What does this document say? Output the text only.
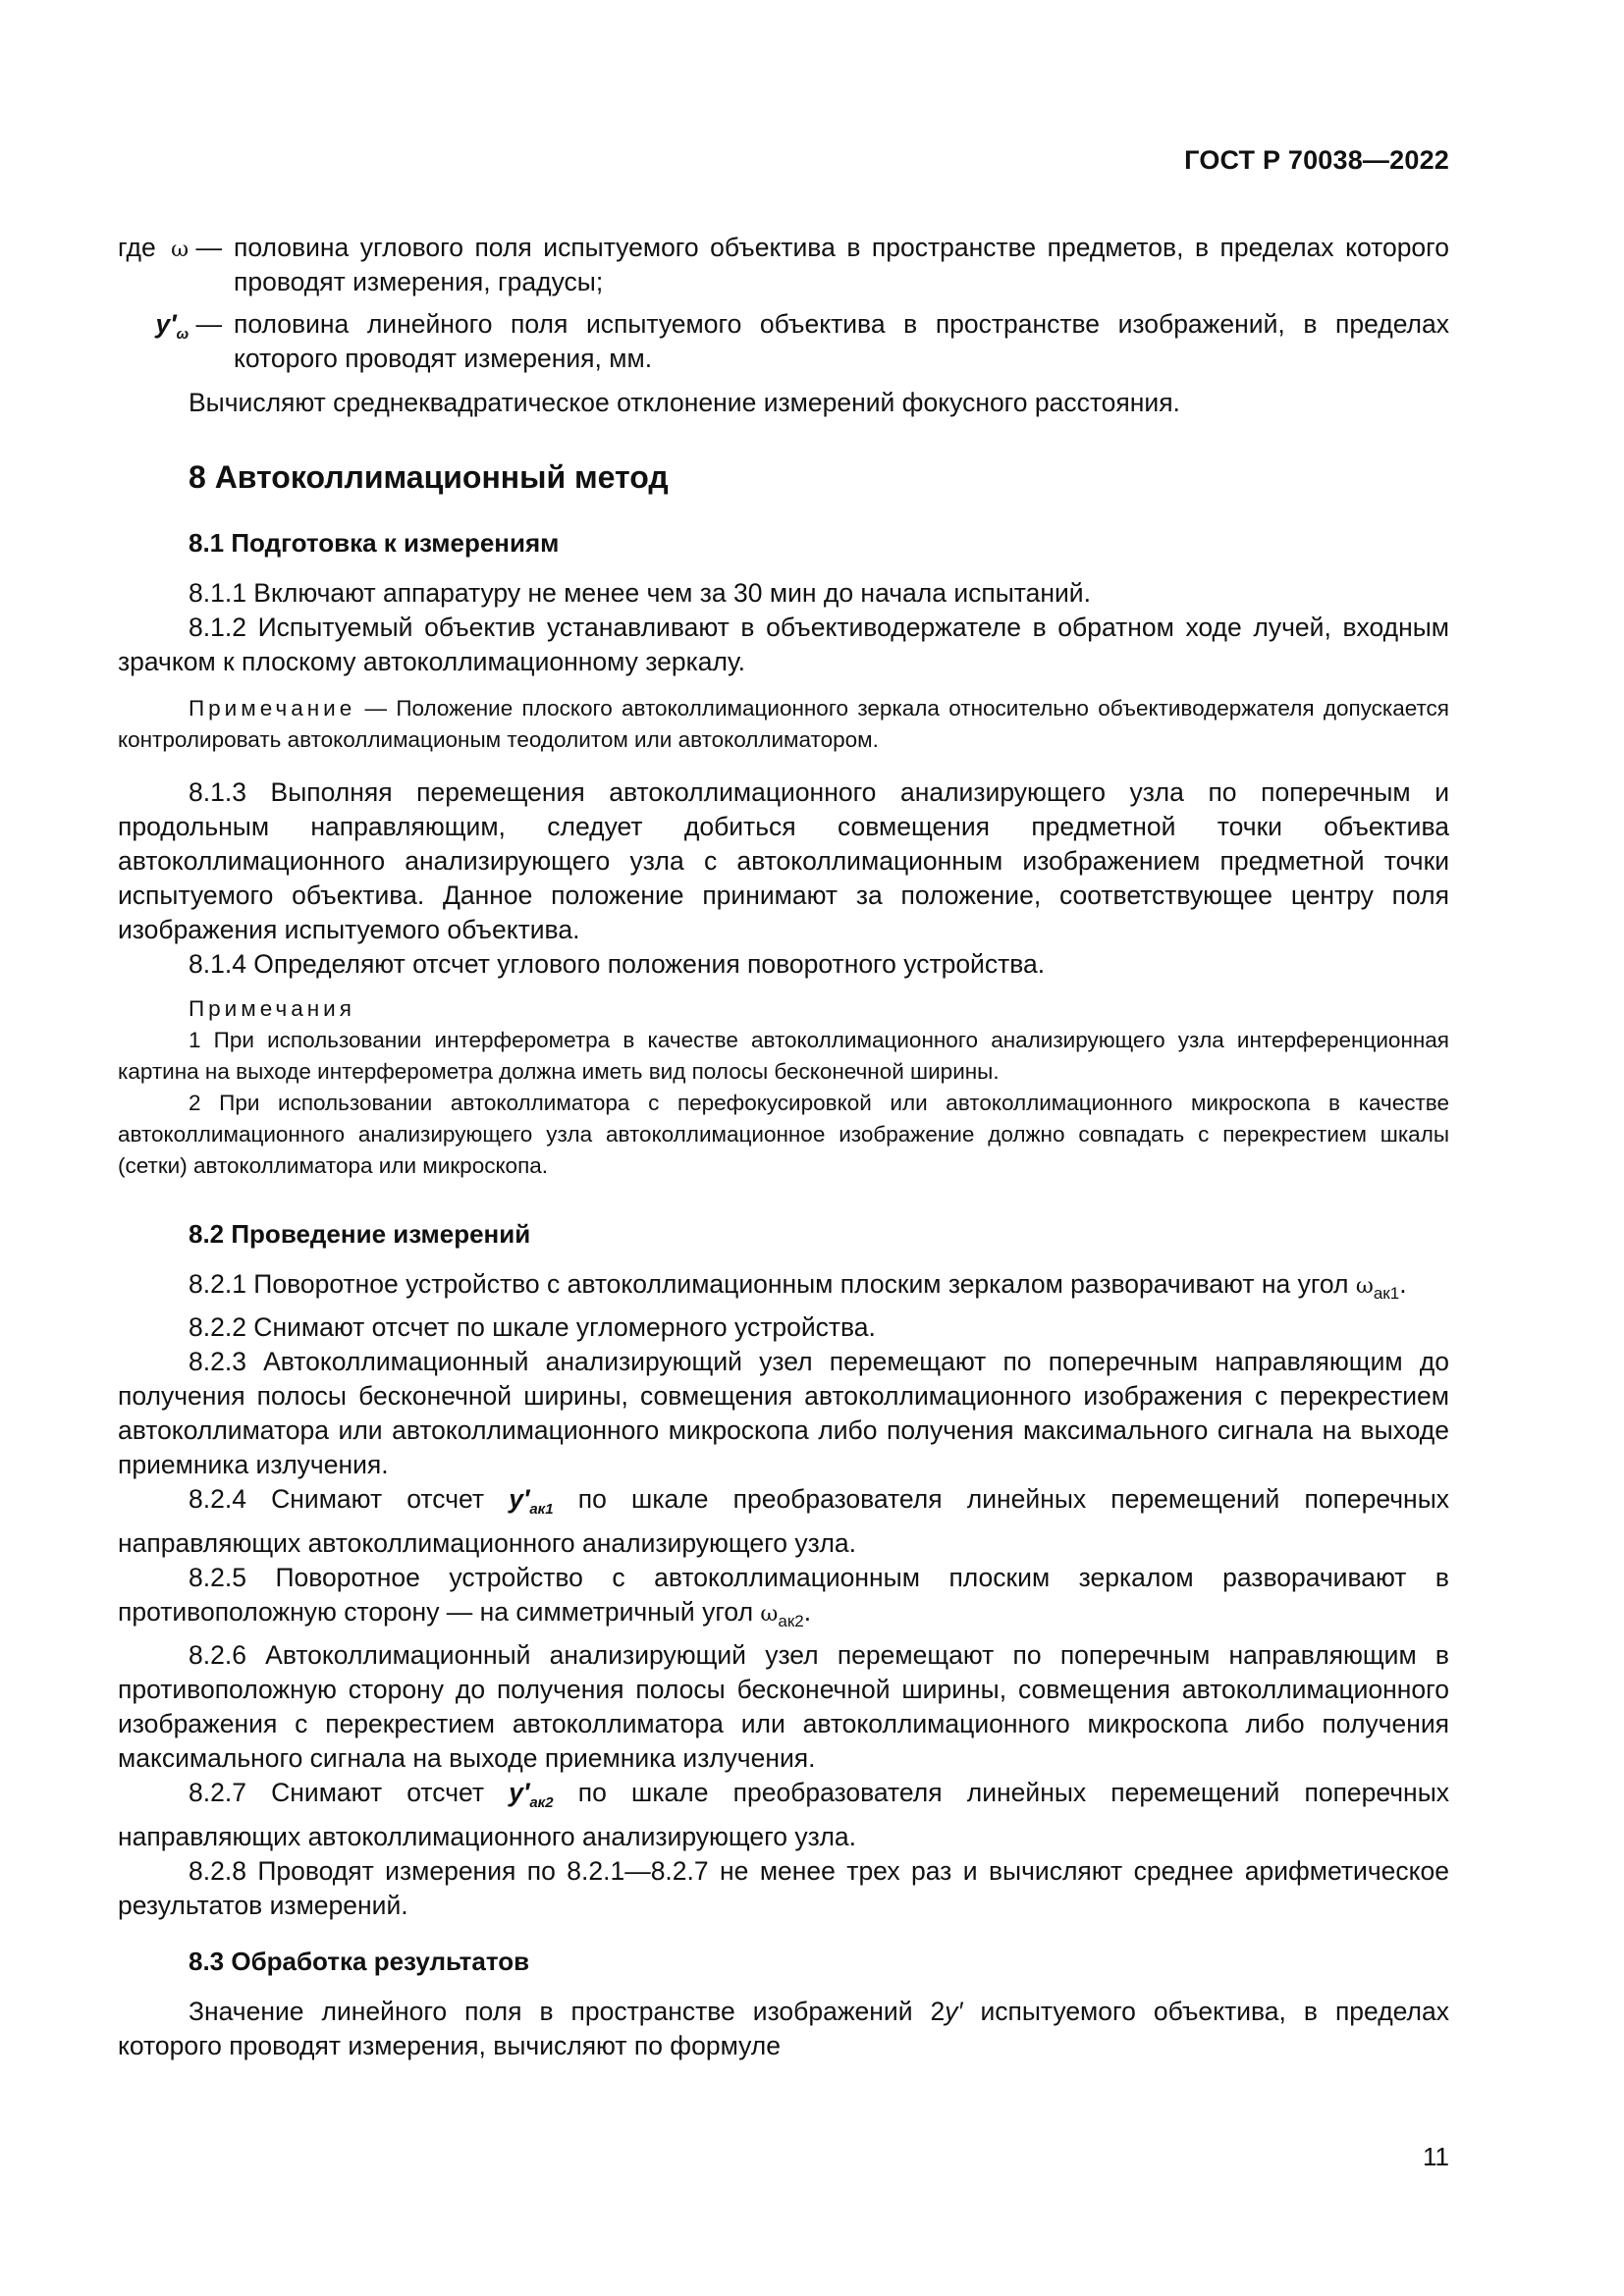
ГОСТ Р 70038—2022
где ω — половина углового поля испытуемого объектива в пространстве предметов, в пределах которого проводят измерения, градусы;

$y'_\omega$ — половина линейного поля испытуемого объектива в пространстве изображений, в пределах которого проводят измерения, мм.

Вычисляют среднеквадратическое отклонение измерений фокусного расстояния.

8 Автоколлимационный метод
8.1 Подготовка к измерениям

8.1.1 Включают аппаратуру не менее чем за 30 мин до начала испытаний.

8.1.2 Испытуемый объектив устанавливают в объективодержателе в обратном ходе лучей, входным зрачком к плоскому автоколлимационному зеркалу.

Примечание — Положение плоского автоколлимационного зеркала относительно объективодержателя допускается контролировать автоколлимационым теодолитом или автоколлиматором.

8.1.3 Выполняя перемещения автоколлимационного анализирующего узла по поперечным и продольным направляющим, следует добиться совмещения предметной точки объектива автоколлимационного анализирующего узла с автоколлимационным изображением предметной точки испытуемого объектива. Данное положение принимают за положение, соответствующее центру поля изображения испытуемого объектива.

8.1.4 Определяют отсчет углового положения поворотного устройства.

Примечания

1 При использовании интерферометра в качестве автоколлимационного анализирующего узла интерференционная картина на выходе интерферометра должна иметь вид полосы бесконечной ширины.

2 При использовании автоколлиматора с перефокусировкой или автоколлимационного микроскопа в качестве автоколлимационного анализирующего узла автоколлимационное изображение должно совпадать с перекрестием шкалы (сетки) автоколлиматора или микроскопа.

8.2 Проведение измерений

8.2.1 Поворотное устройство с автоколлимационным плоским зеркалом разворачивают на угол $\omega_{ак1}$.

8.2.2 Снимают отсчет по шкале угломерного устройства.

8.2.3 Автоколлимационный анализирующий узел перемещают по поперечным направляющим до получения полосы бесконечной ширины, совмещения автоколлимационного изображения с перекрестием автоколлиматора или автоколлимационного микроскопа либо получения максимального сигнала на выходе приемника излучения.

8.2.4 Снимают отсчет $y'_{ак1}$ по шкале преобразователя линейных перемещений поперечных направляющих автоколлимационного анализирующего узла.

8.2.5 Поворотное устройство с автоколлимационным плоским зеркалом разворачивают в противоположную сторону — на симметричный угол $\omega_{ак2}$.

8.2.6 Автоколлимационный анализирующий узел перемещают по поперечным направляющим в противоположную сторону до получения полосы бесконечной ширины, совмещения автоколлимационного изображения с перекрестием автоколлиматора или автоколлимационного микроскопа либо получения максимального сигнала на выходе приемника излучения.

8.2.7 Снимают отсчет $y'_{ак2}$ по шкале преобразователя линейных перемещений поперечных направляющих автоколлимационного анализирующего узла.

8.2.8 Проводят измерения по 8.2.1—8.2.7 не менее трех раз и вычисляют среднее арифметическое результатов измерений.

8.3 Обработка результатов

Значение линейного поля в пространстве изображений 2y′ испытуемого объектива, в пределах которого проводят измерения, вычисляют по формуле

11
